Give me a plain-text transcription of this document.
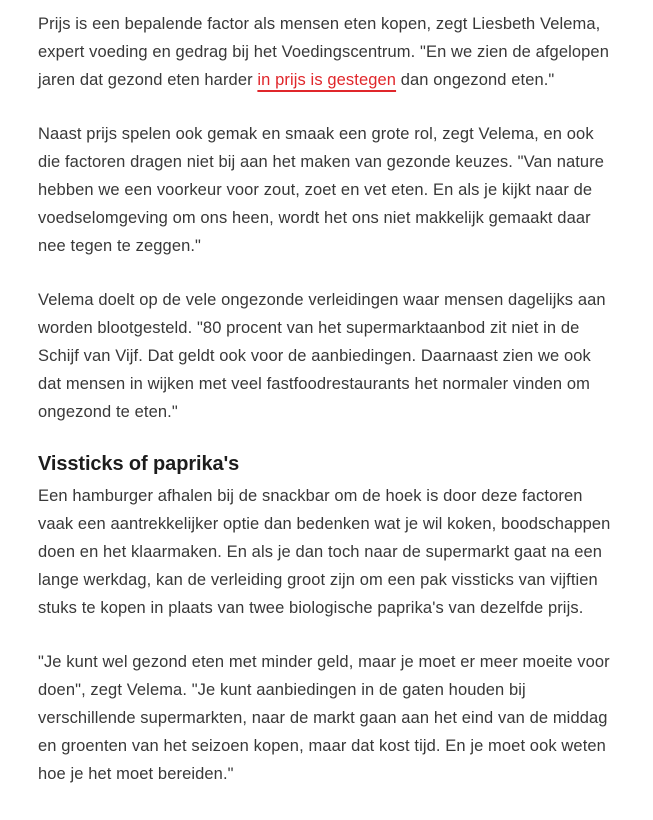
Prijs is een bepalende factor als mensen eten kopen, zegt Liesbeth Velema, expert voeding en gedrag bij het Voedingscentrum. "En we zien de afgelopen jaren dat gezond eten harder in prijs is gestegen dan ongezond eten."

Naast prijs spelen ook gemak en smaak een grote rol, zegt Velema, en ook die factoren dragen niet bij aan het maken van gezonde keuzes. "Van nature hebben we een voorkeur voor zout, zoet en vet eten. En als je kijkt naar de voedselomgeving om ons heen, wordt het ons niet makkelijk gemaakt daar nee tegen te zeggen."

Velema doelt op de vele ongezonde verleidingen waar mensen dagelijks aan worden blootgesteld. "80 procent van het supermarktaanbod zit niet in de Schijf van Vijf. Dat geldt ook voor de aanbiedingen. Daarnaast zien we ook dat mensen in wijken met veel fastfoodrestaurants het normaler vinden om ongezond te eten."

Vissticks of paprika's

Een hamburger afhalen bij de snackbar om de hoek is door deze factoren vaak een aantrekkelijker optie dan bedenken wat je wil koken, boodschappen doen en het klaarmaken. En als je dan toch naar de supermarkt gaat na een lange werkdag, kan de verleiding groot zijn om een pak vissticks van vijftien stuks te kopen in plaats van twee biologische paprika's van dezelfde prijs.

"Je kunt wel gezond eten met minder geld, maar je moet er meer moeite voor doen", zegt Velema. "Je kunt aanbiedingen in de gaten houden bij verschillende supermarkten, naar de markt gaan aan het eind van de middag en groenten van het seizoen kopen, maar dat kost tijd. En je moet ook weten hoe je het moet bereiden."
